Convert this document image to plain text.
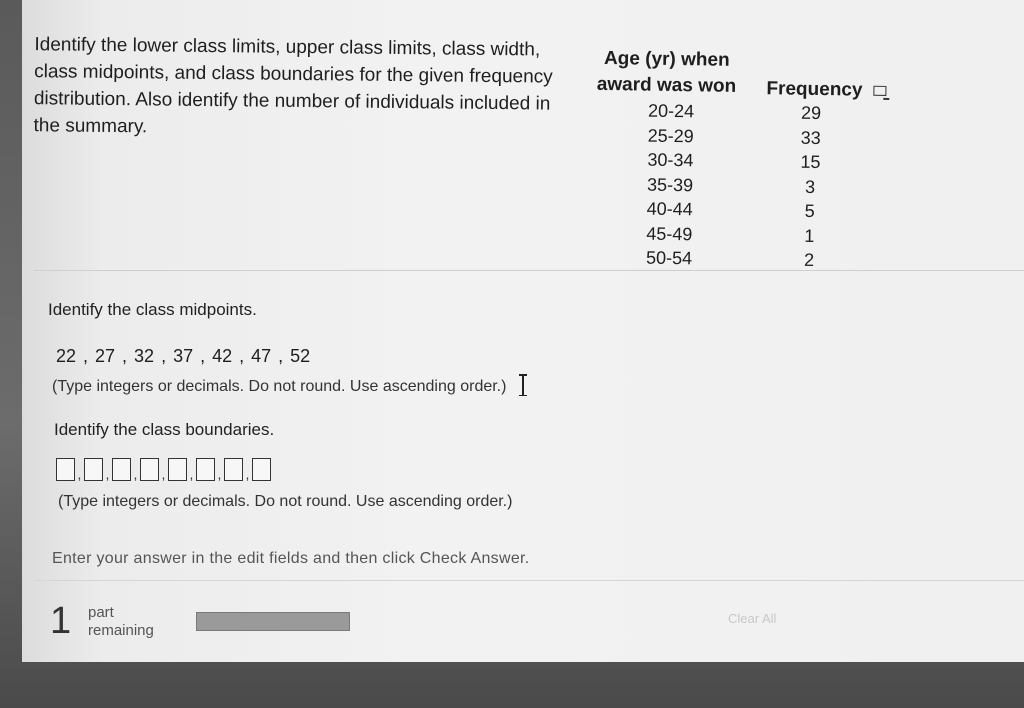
Identify the lower class limits, upper class limits, class width, class midpoints, and class boundaries for the given frequency distribution. Also identify the number of individuals included in the summary.
Age (yr) when award was won	Frequency
20-24	29
25-29	33
30-34	15
35-39	3
40-44	5
45-49	1
50-54	2
Identify the class midpoints.
22 , 27 , 32 , 37 , 42 , 47 , 52
(Type integers or decimals. Do not round. Use ascending order.)
Identify the class boundaries.
, , , , , , ,
(Type integers or decimals. Do not round. Use ascending order.)
Enter your answer in the edit fields and then click Check Answer.
1 part
remaining
Clear All
